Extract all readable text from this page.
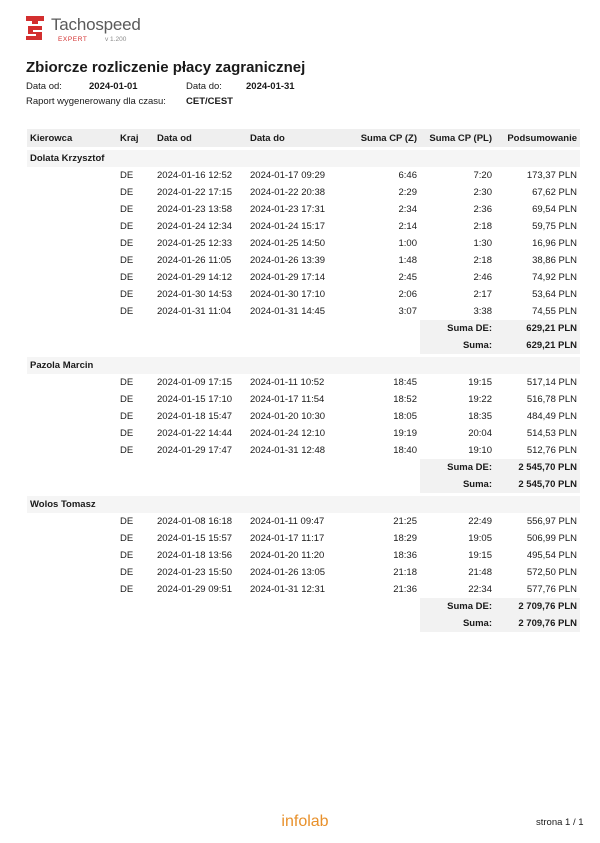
Tachospeed
EXPERT	v 1.200
Zbiorcze rozliczenie płacy zagranicznej
Data od:	2024-01-01	Data do:	2024-01-31
Raport wygenerowany dla czasu: CET/CEST
Kierowca	Kraj	Data od	Data do	Suma CP (Z)	Suma CP (PL)	Podsumowanie

Dolata Krzysztof						
	DE	2024-01-16 12:52	2024-01-17 09:29	6:46	7:20	173,37 PLN
	DE	2024-01-22 17:15	2024-01-22 20:38	2:29	2:30	67,62 PLN
	DE	2024-01-23 13:58	2024-01-23 17:31	2:34	2:36	69,54 PLN
	DE	2024-01-24 12:34	2024-01-24 15:17	2:14	2:18	59,75 PLN
	DE	2024-01-25 12:33	2024-01-25 14:50	1:00	1:30	16,96 PLN
	DE	2024-01-26 11:05	2024-01-26 13:39	1:48	2:18	38,86 PLN
	DE	2024-01-29 14:12	2024-01-29 17:14	2:45	2:46	74,92 PLN
	DE	2024-01-30 14:53	2024-01-30 17:10	2:06	2:17	53,64 PLN
	DE	2024-01-31 11:04	2024-01-31 14:45	3:07	3:38	74,55 PLN
					Suma DE:	629,21 PLN
					Suma:	629,21 PLN

Pazola Marcin						
	DE	2024-01-09 17:15	2024-01-11 10:52	18:45	19:15	517,14 PLN
	DE	2024-01-15 17:10	2024-01-17 11:54	18:52	19:22	516,78 PLN
	DE	2024-01-18 15:47	2024-01-20 10:30	18:05	18:35	484,49 PLN
	DE	2024-01-22 14:44	2024-01-24 12:10	19:19	20:04	514,53 PLN
	DE	2024-01-29 17:47	2024-01-31 12:48	18:40	19:10	512,76 PLN
					Suma DE:	2 545,70 PLN
					Suma:	2 545,70 PLN

Wolos Tomasz						
	DE	2024-01-08 16:18	2024-01-11 09:47	21:25	22:49	556,97 PLN
	DE	2024-01-15 15:57	2024-01-17 11:17	18:29	19:05	506,99 PLN
	DE	2024-01-18 13:56	2024-01-20 11:20	18:36	19:15	495,54 PLN
	DE	2024-01-23 15:50	2024-01-26 13:05	21:18	21:48	572,50 PLN
	DE	2024-01-29 09:51	2024-01-31 12:31	21:36	22:34	577,76 PLN
					Suma DE:	2 709,76 PLN
					Suma:	2 709,76 PLN
infolab	strona 1 / 1
